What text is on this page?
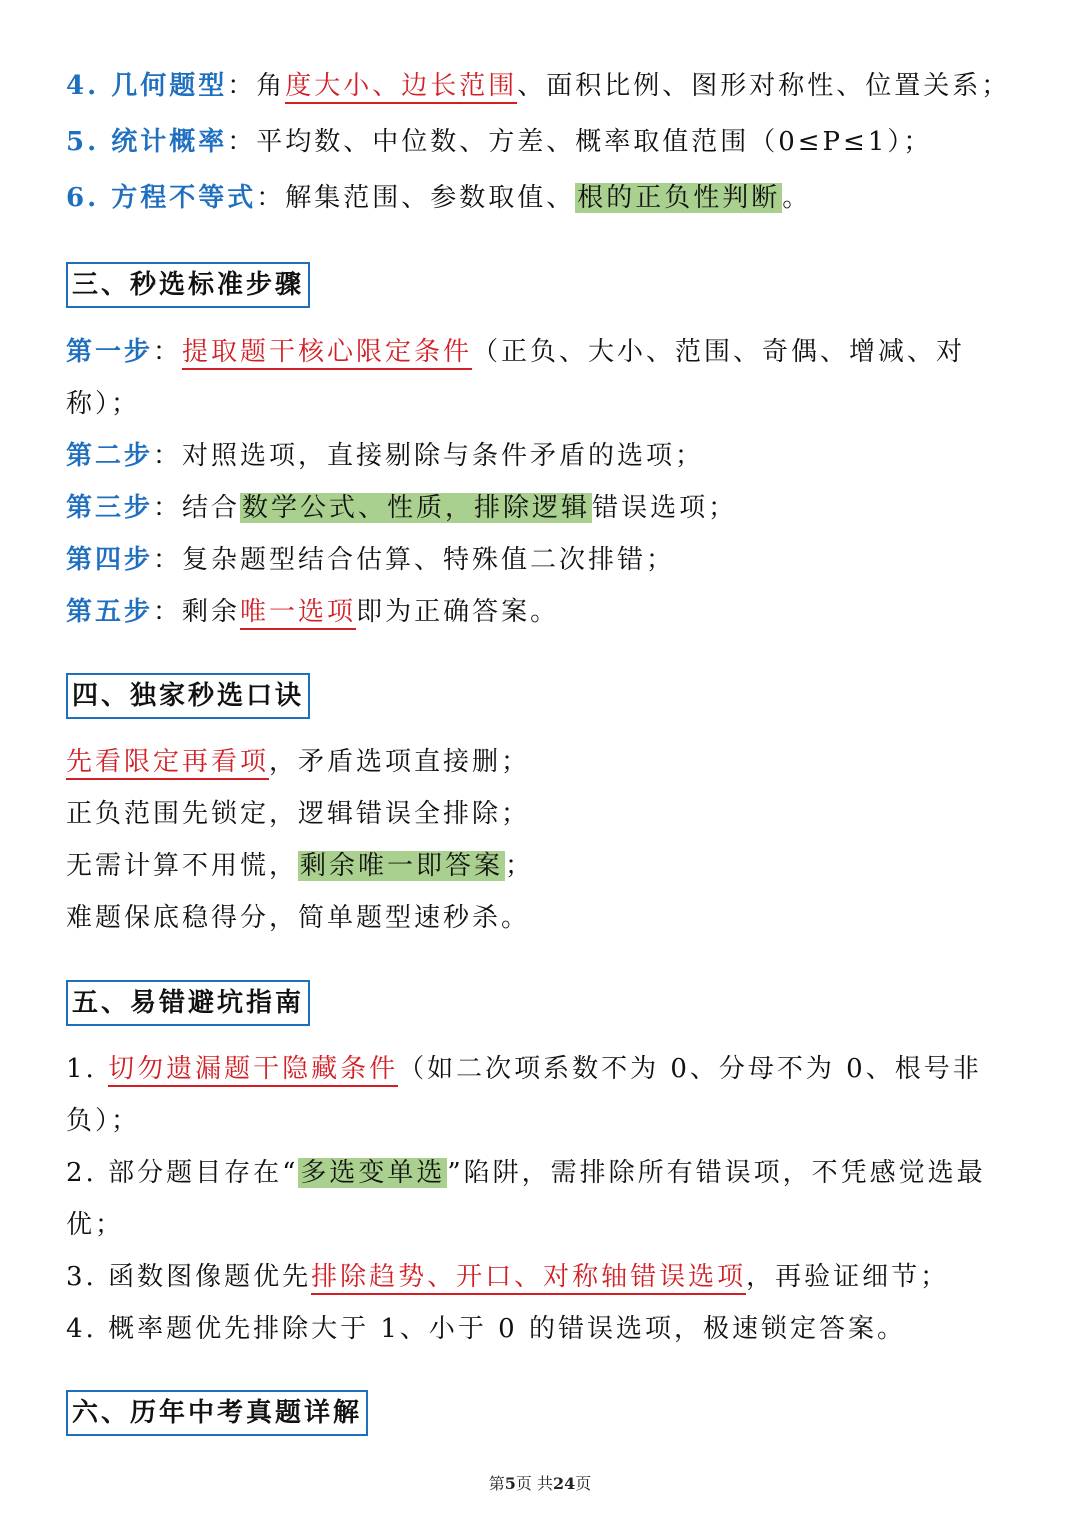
4. 几何题型：角度大小、边长范围、面积比例、图形对称性、位置关系；
5. 统计概率：平均数、中位数、方差、概率取值范围（0≤P≤1）；
6. 方程不等式：解集范围、参数取值、根的正负性判断。
三、秒选标准步骤
第一步：提取题干核心限定条件（正负、大小、范围、奇偶、增减、对
称）；
第二步：对照选项，直接剔除与条件矛盾的选项；
第三步：结合数学公式、性质，排除逻辑错误选项；
第四步：复杂题型结合估算、特殊值二次排错；
第五步：剩余唯一选项即为正确答案。
四、独家秒选口诀
先看限定再看项，矛盾选项直接删；
正负范围先锁定，逻辑错误全排除；
无需计算不用慌，剩余唯一即答案；
难题保底稳得分，简单题型速秒杀。
五、易错避坑指南
1. 切勿遗漏题干隐藏条件（如二次项系数不为 0、分母不为 0、根号非
负）；
2. 部分题目存在“多选变单选”陷阱，需排除所有错误项，不凭感觉选最
优；
3. 函数图像题优先排除趋势、开口、对称轴错误选项，再验证细节；
4. 概率题优先排除大于 1、小于 0 的错误选项，极速锁定答案。
六、历年中考真题详解
第5页 共24页
